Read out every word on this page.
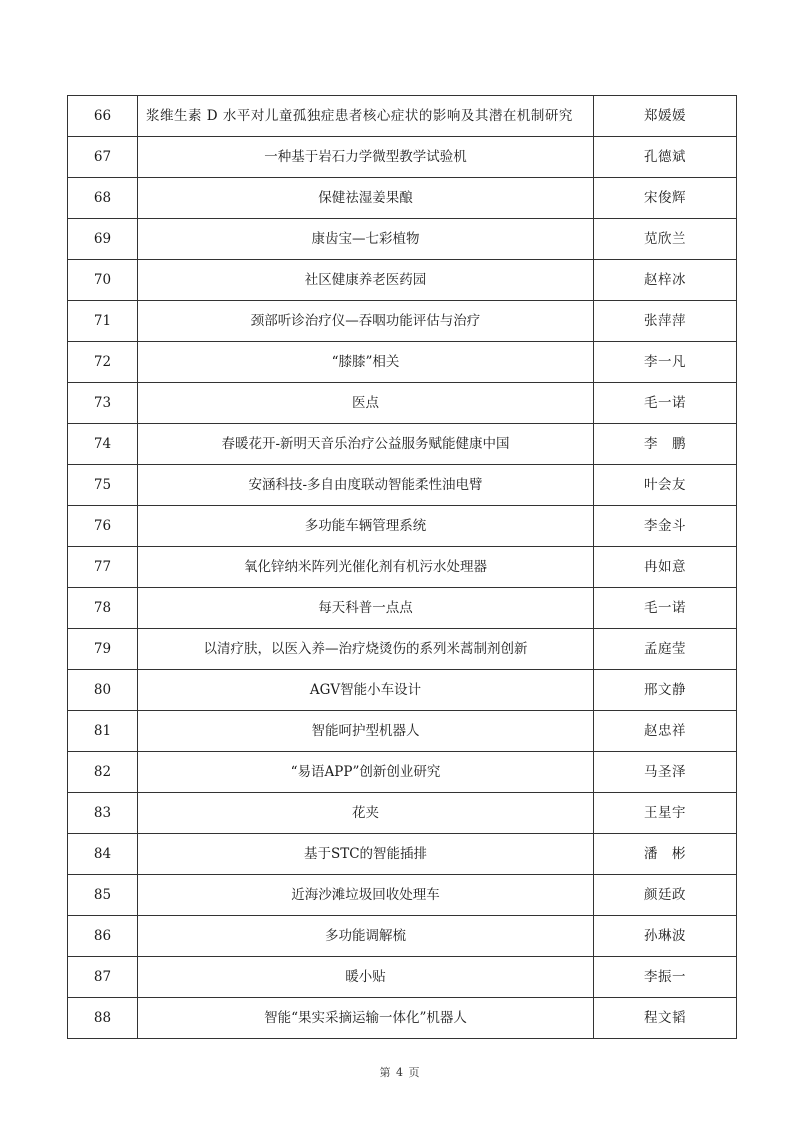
66	浆维生素 D 水平对儿童孤独症患者核心症状的影响及其潜在机制研究	郑媛媛
67	一种基于岩石力学微型教学试验机	孔德斌
68	保健祛湿姜果酿	宋俊辉
69	康齿宝—七彩植物	苋欣兰
70	社区健康养老医药园	赵梓冰
71	颈部听诊治疗仪—吞咽功能评估与治疗	张萍萍
72	“膝膝”相关	李一凡
73	医点	毛一诺
74	春暖花开-新明天音乐治疗公益服务赋能健康中国	李　鹏
75	安涵科技-多自由度联动智能柔性油电臂	叶会友
76	多功能车辆管理系统	李金斗
77	氧化锌纳米阵列光催化剂有机污水处理器	冉如意
78	每天科普一点点	毛一诺
79	以清疗肤，以医入养—治疗烧烫伤的系列米蒿制剂创新	孟庭莹
80	AGV智能小车设计	邢文静
81	智能呵护型机器人	赵忠祥
82	“易语APP”创新创业研究	马圣泽
83	花夹	王星宇
84	基于STC的智能插排	潘　彬
85	近海沙滩垃圾回收处理车	颜廷政
86	多功能调解梳	孙琳波
87	暖小贴	李振一
88	智能“果实采摘运输一体化”机器人	程文韬
第 4 页
